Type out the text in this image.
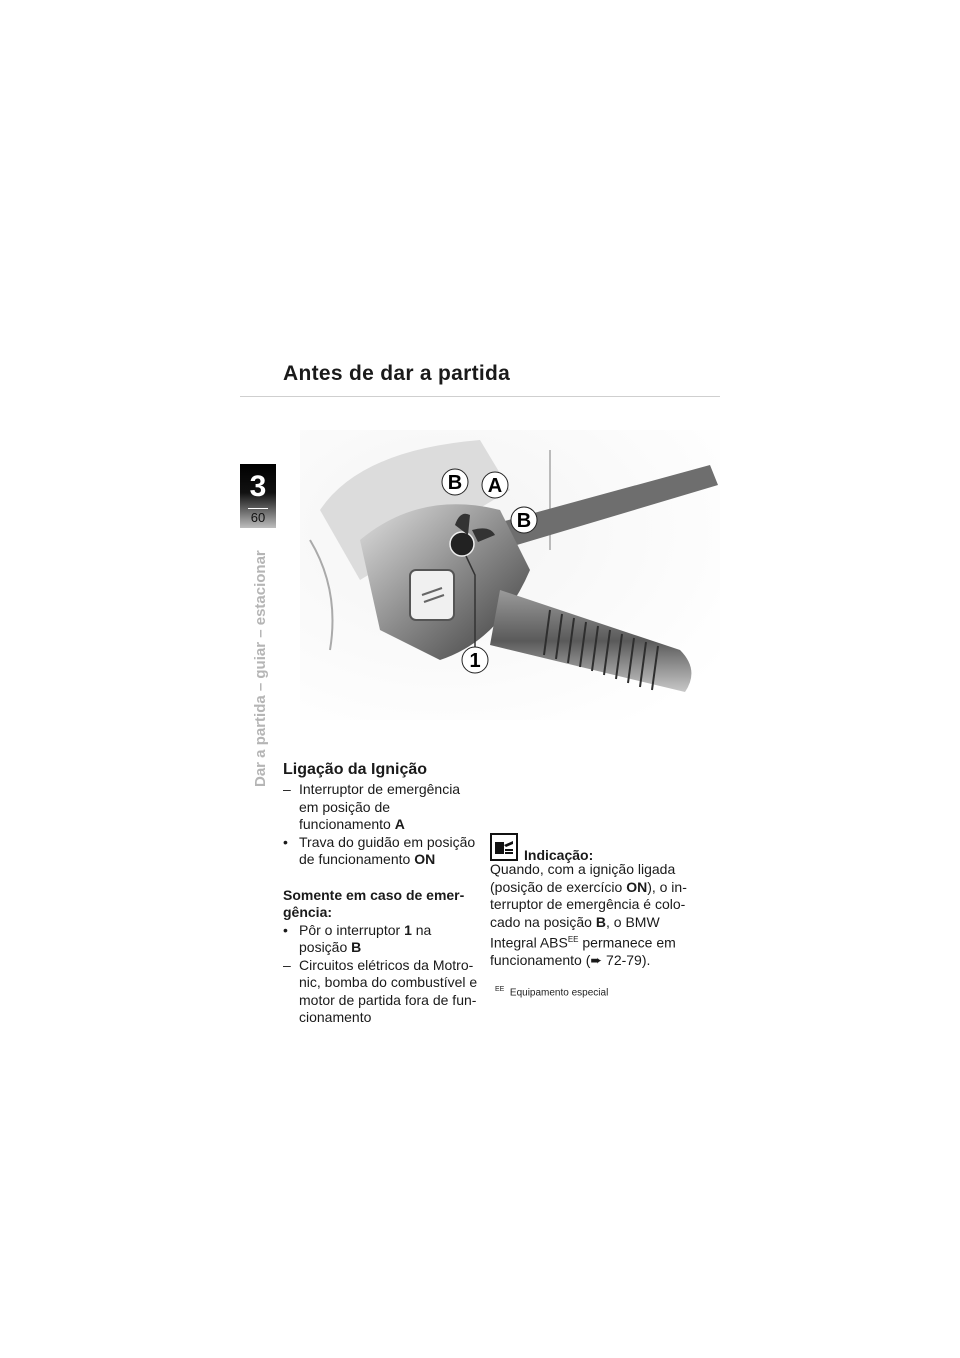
Antes de dar a partida
3
60
Dar a partida – guiar – estacionar
B A
B
1
Ligação da Ignição
– Interruptor de emergência em posição de funcionamento A
• Trava do guidão em posição de funcionamento ON
Somente em caso de emer- gência:
• Pôr o interruptor 1 na posição B
– Circuitos elétricos da Motro- nic, bomba do combustível e motor de partida fora de fun- cionamento
Indicação:
Quando, com a ignição ligada (posição de exercício ON), o in- terruptor de emergência é colo- cado na posição B, o BMW Integral $ABS^{EE}$ permanece em funcionamento (➨ 72-79).
$^{EE}$ Equipamento especial
